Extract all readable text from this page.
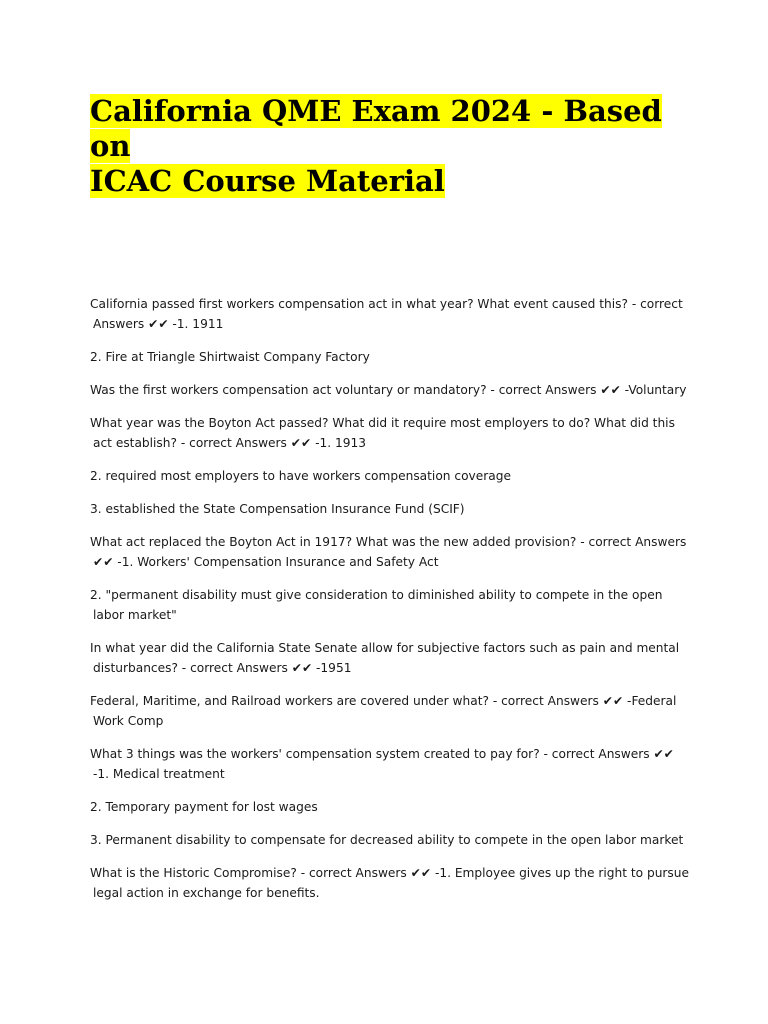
California QME Exam 2024 - Based on
ICAC Course Material

California passed first workers compensation act in what year? What event caused this? - correct Answers ✔✔ -1. 1911

2. Fire at Triangle Shirtwaist Company Factory

Was the first workers compensation act voluntary or mandatory? - correct Answers ✔✔ -Voluntary

What year was the Boyton Act passed? What did it require most employers to do? What did this act establish? - correct Answers ✔✔ -1. 1913

2. required most employers to have workers compensation coverage

3. established the State Compensation Insurance Fund (SCIF)

What act replaced the Boyton Act in 1917? What was the new added provision? - correct Answers ✔✔ -1. Workers' Compensation Insurance and Safety Act

2. "permanent disability must give consideration to diminished ability to compete in the open labor market"

In what year did the California State Senate allow for subjective factors such as pain and mental disturbances? - correct Answers ✔✔ -1951

Federal, Maritime, and Railroad workers are covered under what? - correct Answers ✔✔ -Federal Work Comp

What 3 things was the workers' compensation system created to pay for? - correct Answers ✔✔ -1. Medical treatment

2. Temporary payment for lost wages

3. Permanent disability to compensate for decreased ability to compete in the open labor market

What is the Historic Compromise? - correct Answers ✔✔ -1. Employee gives up the right to pursue legal action in exchange for benefits.
